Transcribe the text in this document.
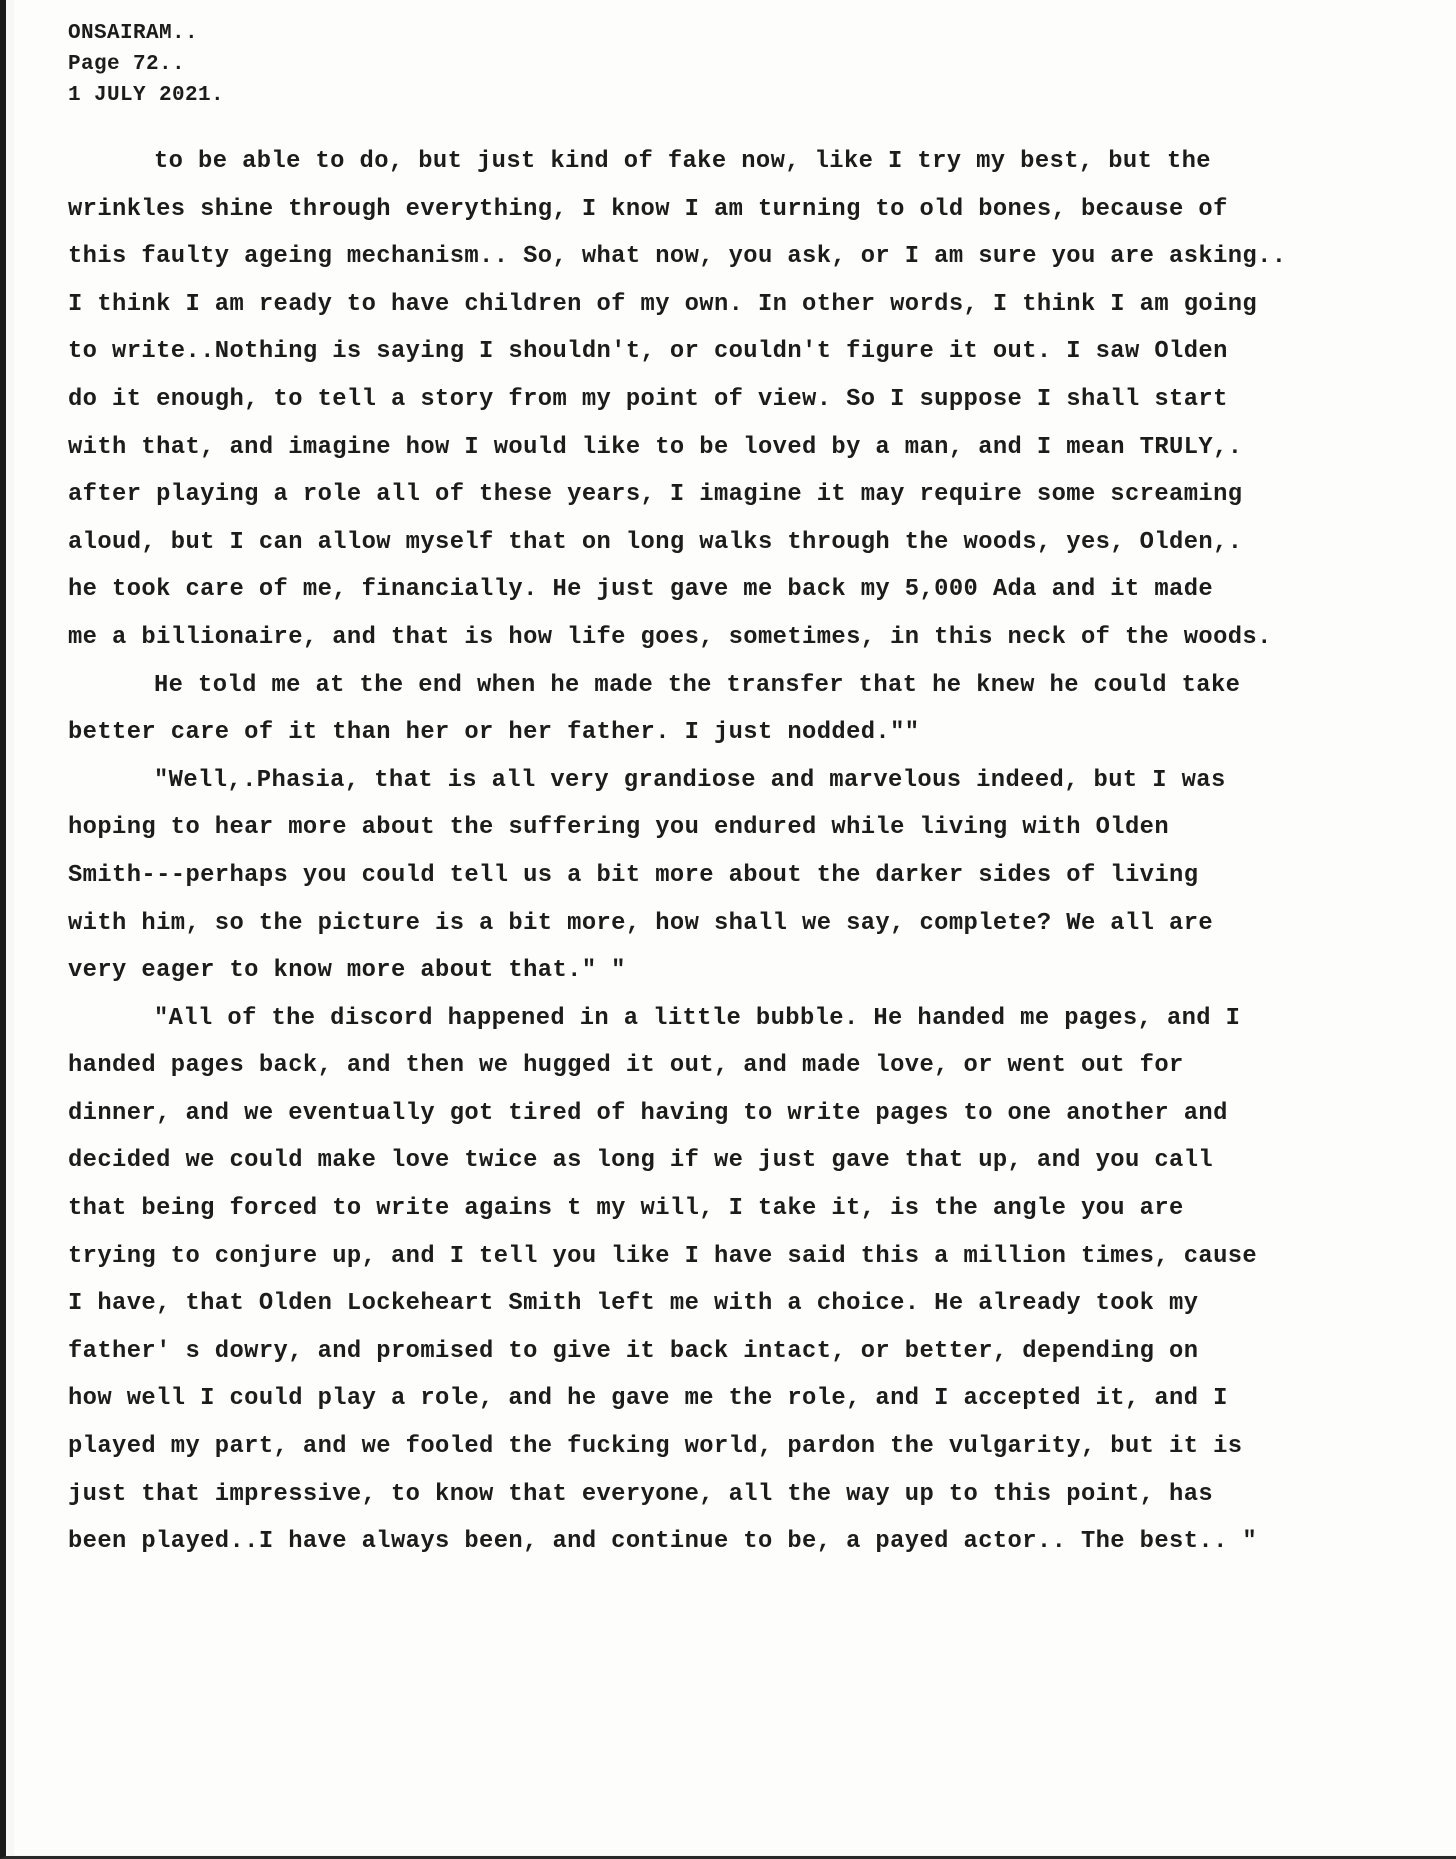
ONSAIRAM..
Page 72..
1 JULY 2021.
to be able to do, but just kind of fake now, like I try my best, but the
wrinkles shine through everything, I know I am turning to old bones, because of
this faulty ageing mechanism.. So, what now, you ask, or I am sure you are asking..
I think I am ready to have children of my own. In other words, I think I am going
to write..Nothing is saying I shouldn't, or couldn't figure it out. I saw Olden
do it enough, to tell a story from my point of view. So I suppose I shall start
with that, and imagine how I would like to be loved by a man, and I mean TRULY,.
after playing a role all of these years, I imagine it may require some screaming
aloud, but I can allow myself that on long walks through the woods, yes, Olden,.
he took care of me, financially. He just gave me back my 5,000 Ada and it made
me a billionaire, and that is how life goes, sometimes, in this neck of the woods.
He told me at the end when he made the transfer that he knew he could take
better care of it than her or her father. I just nodded.""
"Well,.Phasia, that is all very grandiose and marvelous indeed, but I was
hoping to hear more about the suffering you endured while living with Olden
Smith---perhaps you could tell us a bit more about the darker sides of living
with him, so the picture is a bit more, how shall we say, complete? We all are
very eager to know more about that." "
"All of the discord happened in a little bubble. He handed me pages, and I
handed pages back, and then we hugged it out, and made love, or went out for
dinner, and we eventually got tired of having to write pages to one another and
decided we could make love twice as long if we just gave that up, and you call
that being forced to write agains t my will, I take it, is the angle you are
trying to conjure up, and I tell you like I have said this a million times, cause
I have, that Olden Lockeheart Smith left me with a choice. He already took my
father' s dowry, and promised to give it back intact, or better, depending on
how well I could play a role, and he gave me the role, and I accepted it, and I
played my part, and we fooled the fucking world, pardon the vulgarity, but it is
just that impressive, to know that everyone, all the way up to this point, has
been played..I have always been, and continue to be, a payed actor.. The best.. "
